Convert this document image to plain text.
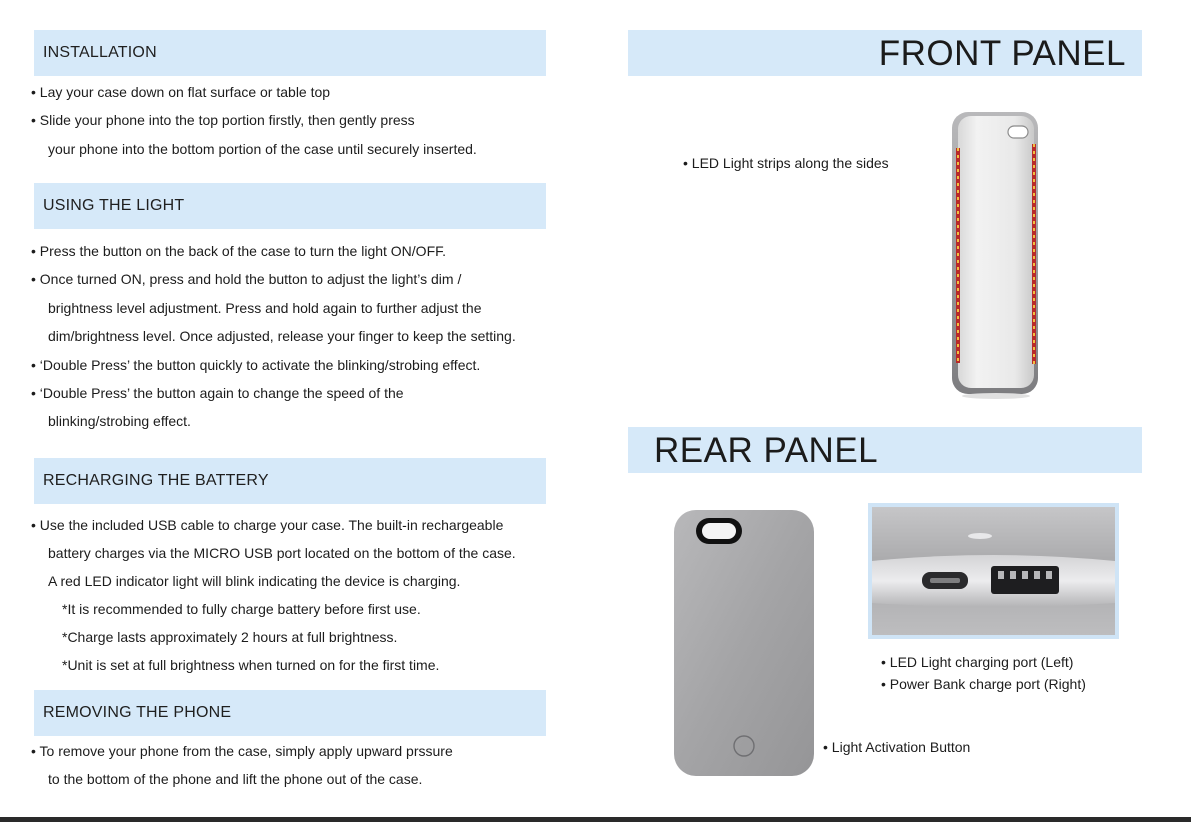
INSTALLATION
• Lay your case down on flat surface or table top
• Slide your phone into the top portion firstly, then gently press
your phone into the bottom portion of the case until securely inserted.
USING THE LIGHT
• Press the button on the back of the case to turn the light ON/OFF.
• Once turned ON, press and hold the button to adjust the light’s dim /
brightness level adjustment. Press and hold again to further adjust the
dim/brightness level. Once adjusted, release your finger to keep the setting.
• ‘Double Press’ the button quickly to activate the blinking/strobing effect.
• ‘Double Press’ the button again to change the speed of the
blinking/strobing effect.
RECHARGING THE BATTERY
• Use the included USB cable to charge your case. The built-in rechargeable
battery charges via the MICRO USB port located on the bottom of the case.
A red LED indicator light will blink indicating the device is charging.
*It is recommended to fully charge battery before first use.
*Charge lasts approximately 2 hours at full brightness.
*Unit is set at full brightness when turned on for the first time.
REMOVING THE PHONE
• To remove your phone from the case, simply apply upward prssure
to the bottom of the phone and lift the phone out of the case.
FRONT PANEL
• LED Light strips along the sides
REAR PANEL
• Light Activation Button
• LED Light charging port (Left)
• Power Bank charge port (Right)
